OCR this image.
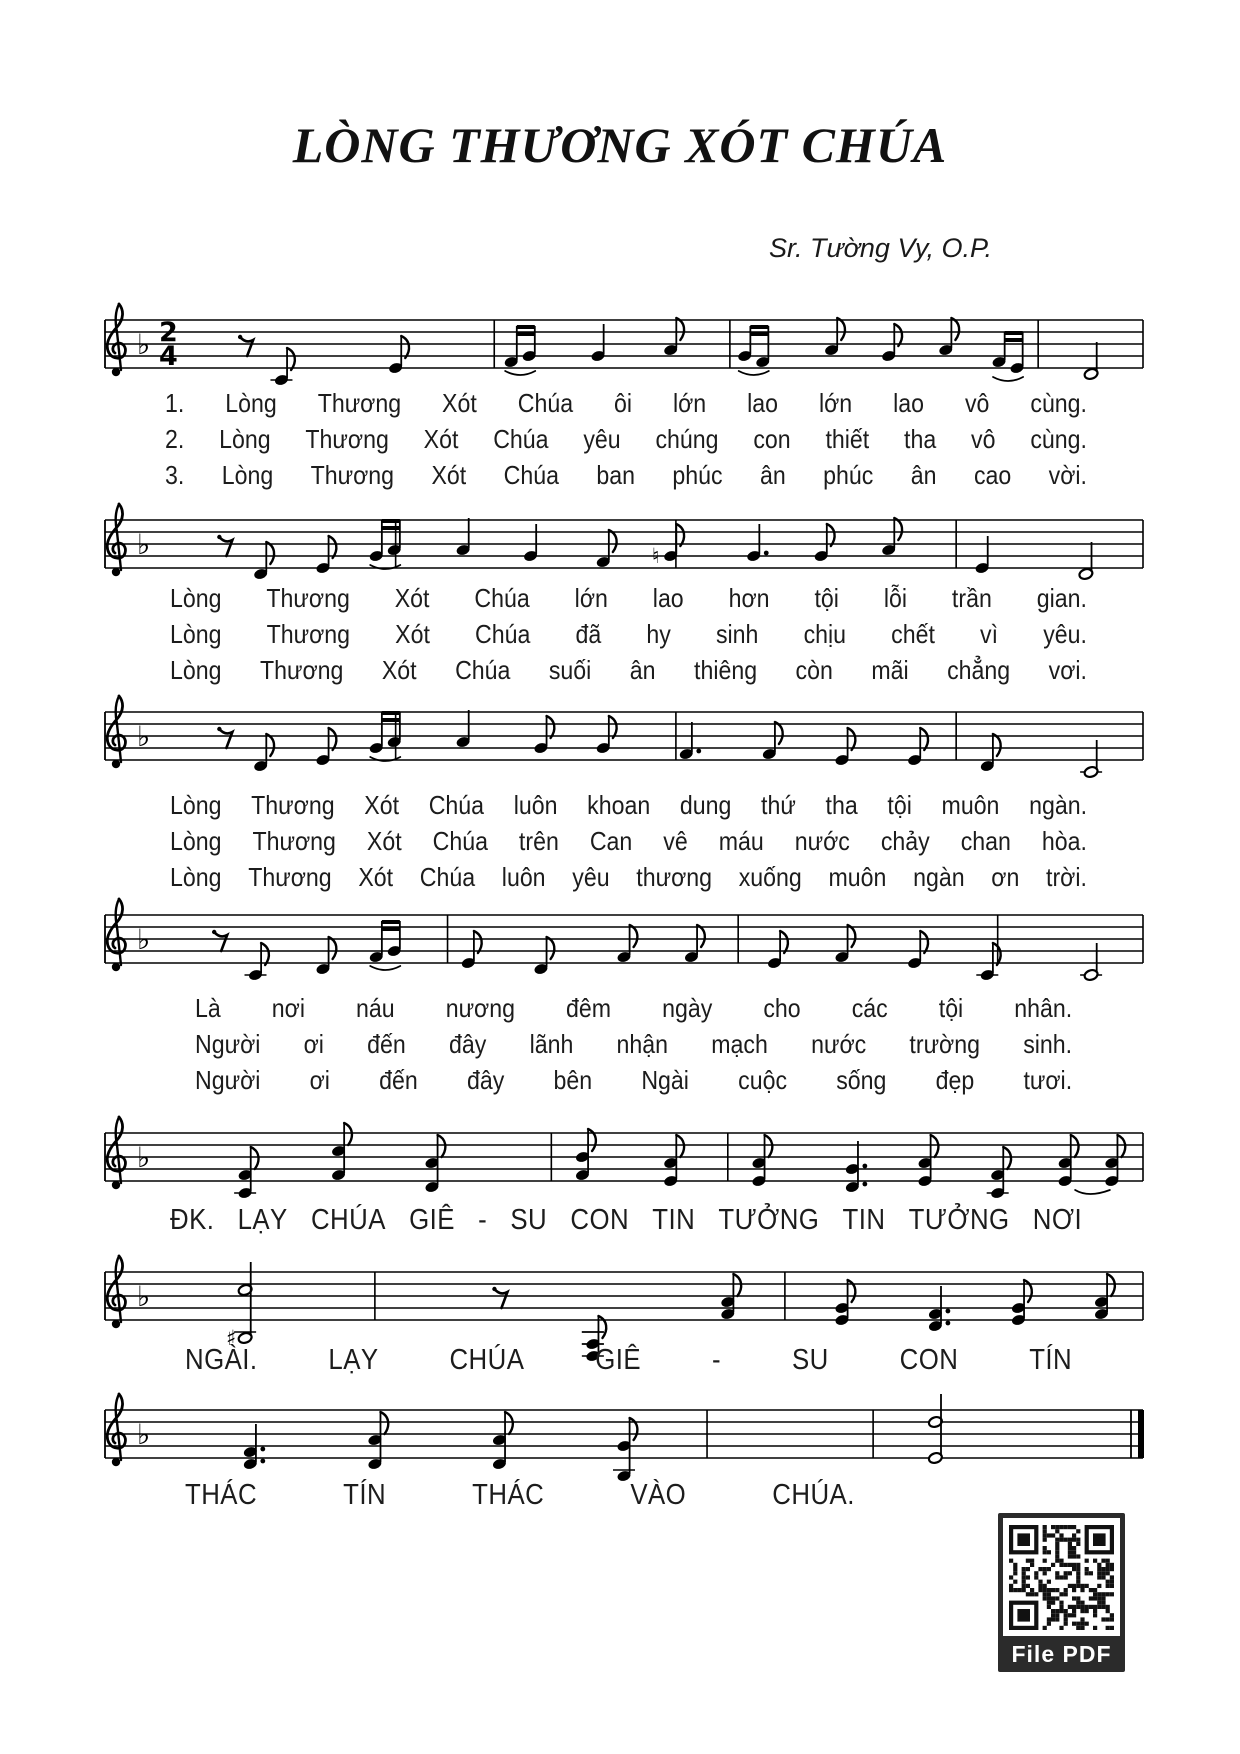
LÒNG THƯƠNG XÓT CHÚA
Sr. Tường Vy, O.P.
♭ 2
4
♭	♮
♭
♭
♭
♭
♯
♭
1. Lòng Thương Xót Chúa ôi lớn lao lớn lao vô cùng.
2. Lòng Thương Xót Chúa yêu chúng con thiết tha vô cùng.
3. Lòng Thương Xót Chúa ban phúc ân phúc ân cao vời.
Lòng Thương Xót Chúa lớn lao hơn tội lỗi trần gian.
Lòng Thương Xót Chúa đã hy sinh chịu chết vì yêu.
Lòng Thương Xót Chúa suối ân thiêng còn mãi chẳng vơi.
Lòng Thương Xót Chúa luôn khoan dung thứ tha tội muôn ngàn.
Lòng Thương Xót Chúa trên Can vê máu nước chảy chan hòa.
Lòng Thương Xót Chúa luôn yêu thương xuống muôn ngàn ơn trời.
Là nơi náu nương đêm ngày cho các tội nhân.
Người ơi đến đây lãnh nhận mạch nước trường sinh.
Người ơi đến đây bên Ngài cuộc sống đẹp tươi.
ĐK. LẠY CHÚA GIÊ - SU CON TIN TƯỞNG TIN TƯỞNG NƠI
NGÀI. LẠY CHÚA GIÊ - SU CON TÍN
THÁC	TÍN	THÁC	VÀO	CHÚA.
File PDF
